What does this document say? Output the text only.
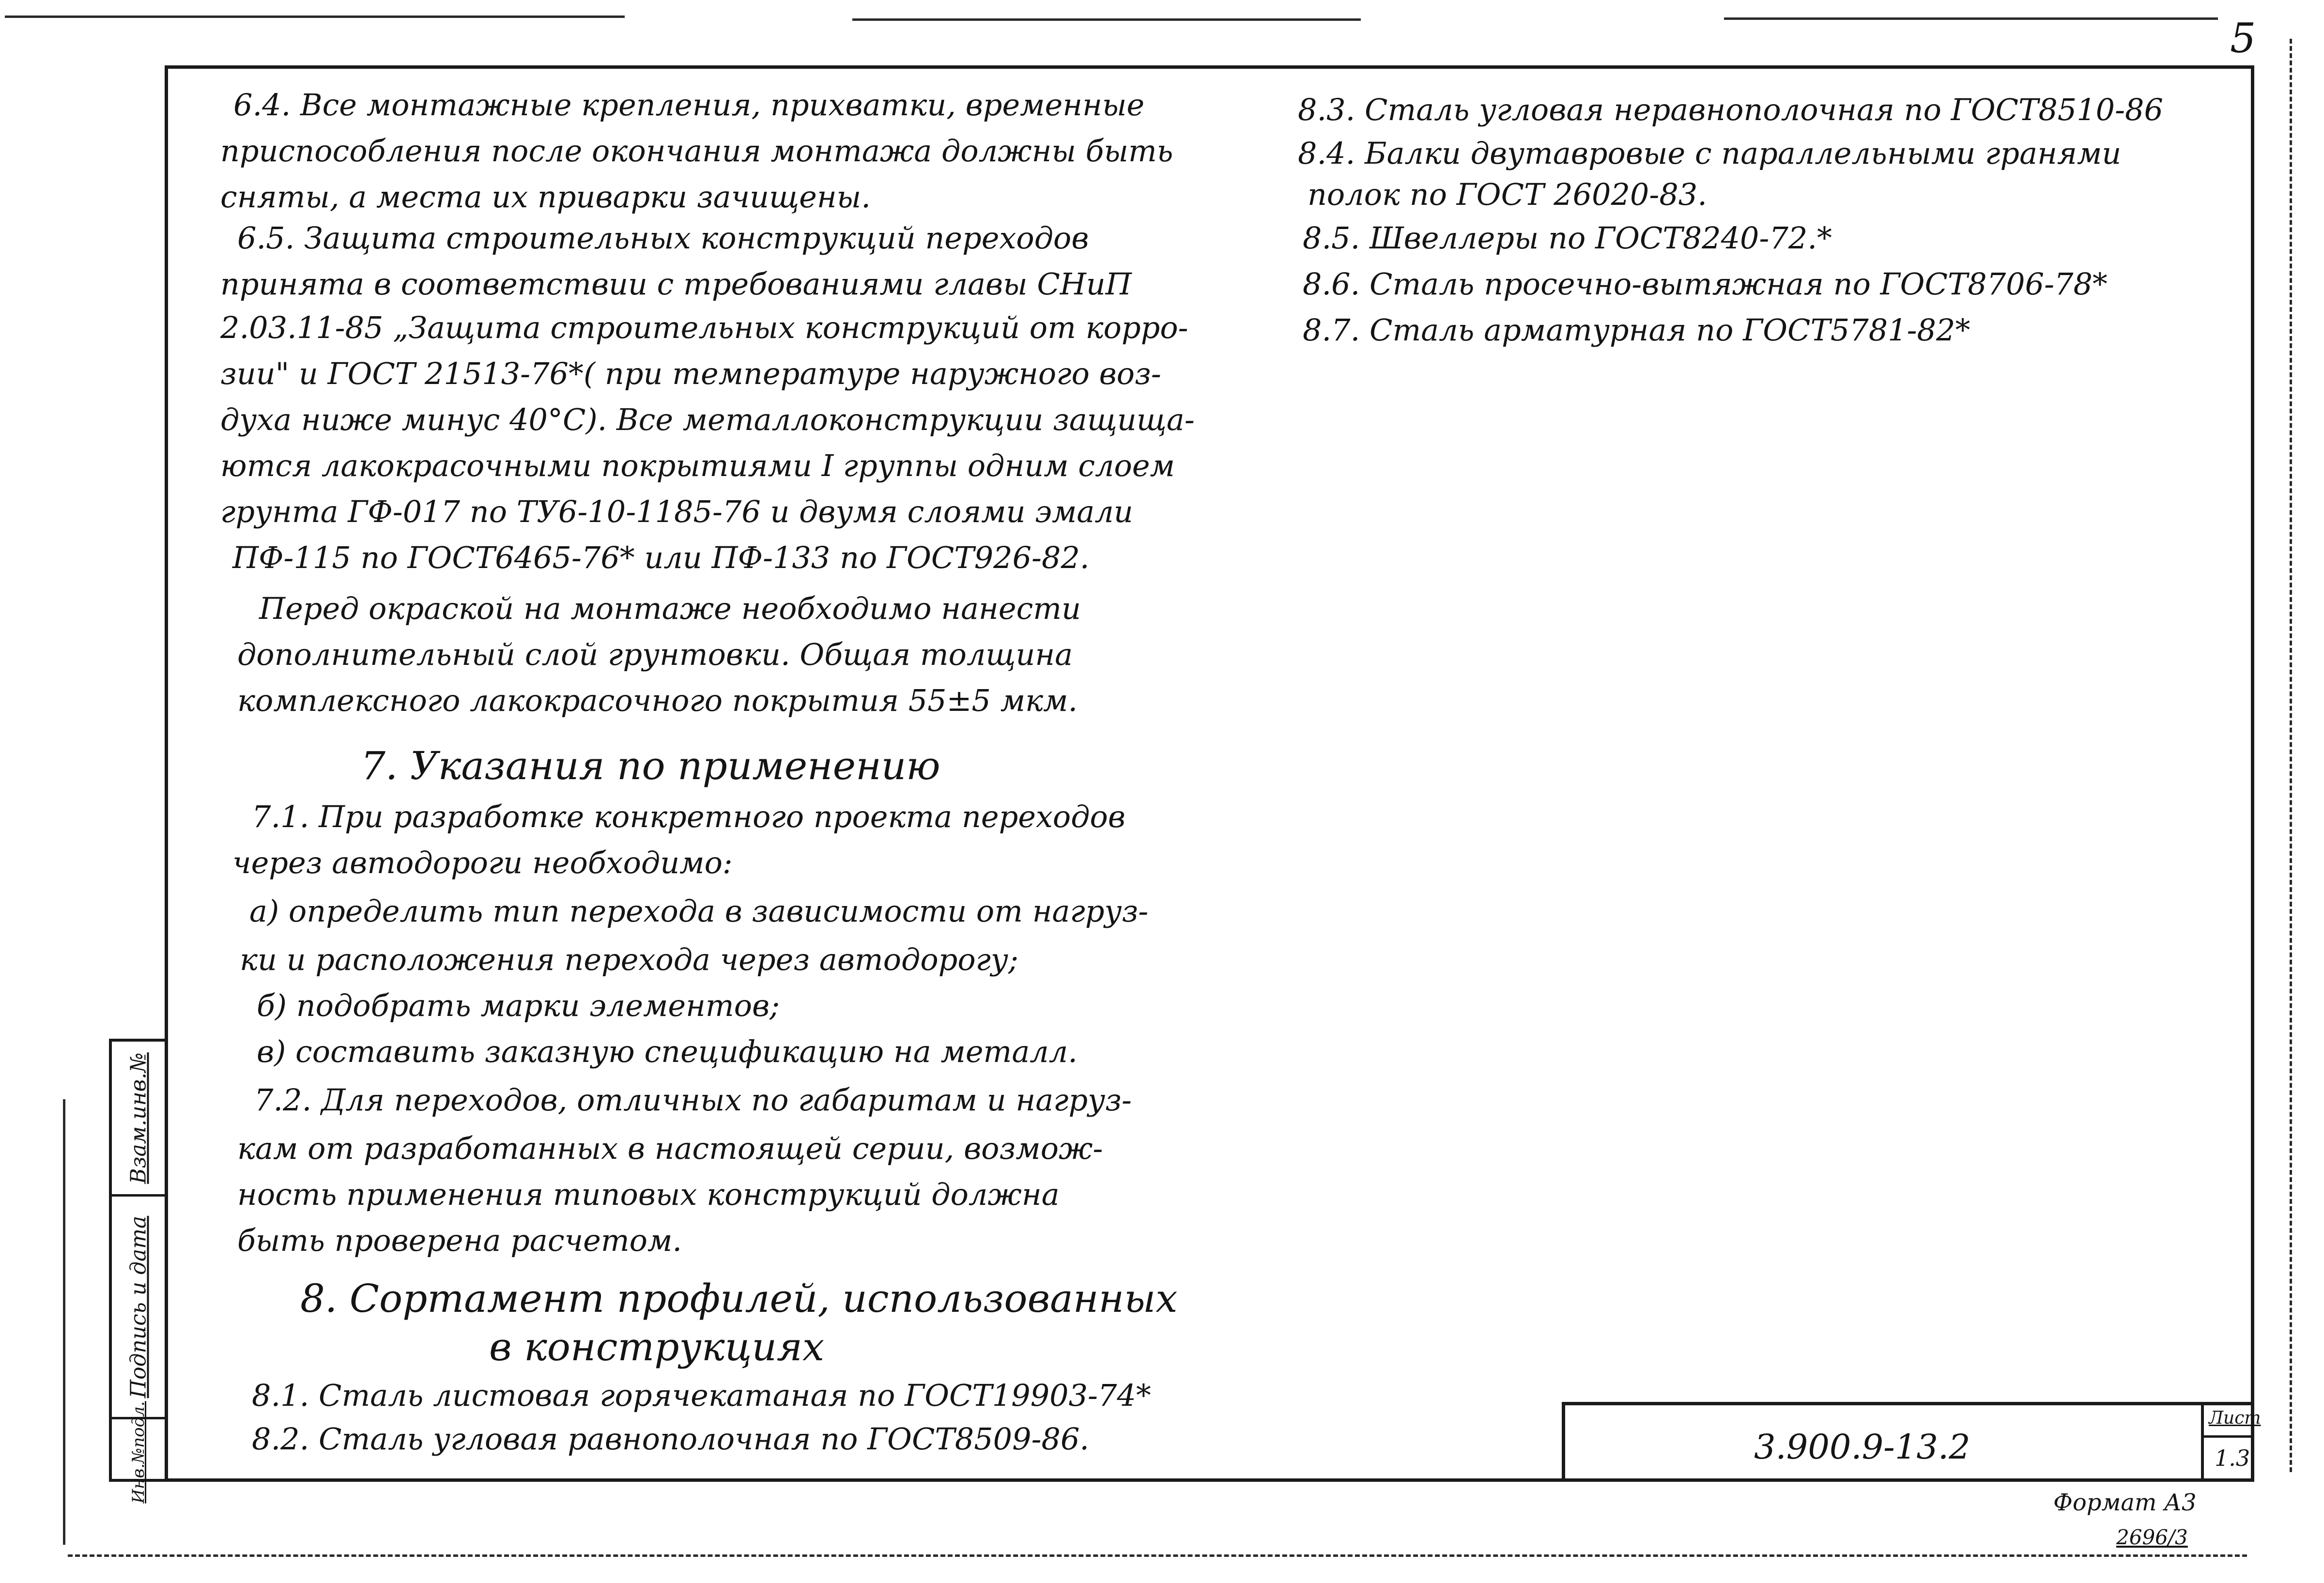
5
Взам.инв.№
Подпись и дата
Инв.№подл.
6.4. Все монтажные крепления, прихватки, временные
приспособления после окончания монтажа должны быть
сняты, а места их приварки зачищены.
6.5. Защита строительных конструкций переходов
принята в соответствии с требованиями главы СНиП
2.03.11-85 „Защита строительных конструкций от корро-
зии" и ГОСТ 21513-76*( при температуре наружного воз-
духа ниже минус 40°С). Все металлоконструкции защища-
ются лакокрасочными покрытиями I группы одним слоем
грунта ГФ-017 по ТУ6-10-1185-76 и двумя слоями эмали
ПФ-115 по ГОСТ6465-76* или ПФ-133 по ГОСТ926-82.
Перед окраской на монтаже необходимо нанести
дополнительный слой грунтовки. Общая толщина
комплексного лакокрасочного покрытия 55±5 мкм.
7. Указания по применению
7.1. При разработке конкретного проекта переходов
через автодороги необходимо:
а) определить тип перехода в зависимости от нагруз-
ки и расположения перехода через автодорогу;
б) подобрать марки элементов;
в) составить заказную спецификацию на металл.
7.2. Для переходов, отличных по габаритам и нагруз-
кам от разработанных в настоящей серии, возмож-
ность применения типовых конструкций должна
быть проверена расчетом.
8. Сортамент профилей, использованных
в конструкциях
8.1. Сталь листовая горячекатаная по ГОСТ19903-74*
8.2. Сталь угловая равнополочная по ГОСТ8509-86.
8.3. Сталь угловая неравнополочная по ГОСТ8510-86
8.4. Балки двутавровые с параллельными гранями
полок по ГОСТ 26020-83.
8.5. Швеллеры по ГОСТ8240-72.*
8.6. Сталь просечно-вытяжная по ГОСТ8706-78*
8.7. Сталь арматурная по ГОСТ5781-82*
3.900.9-13.2
Лист
1.3
Формат А3
2696/3
